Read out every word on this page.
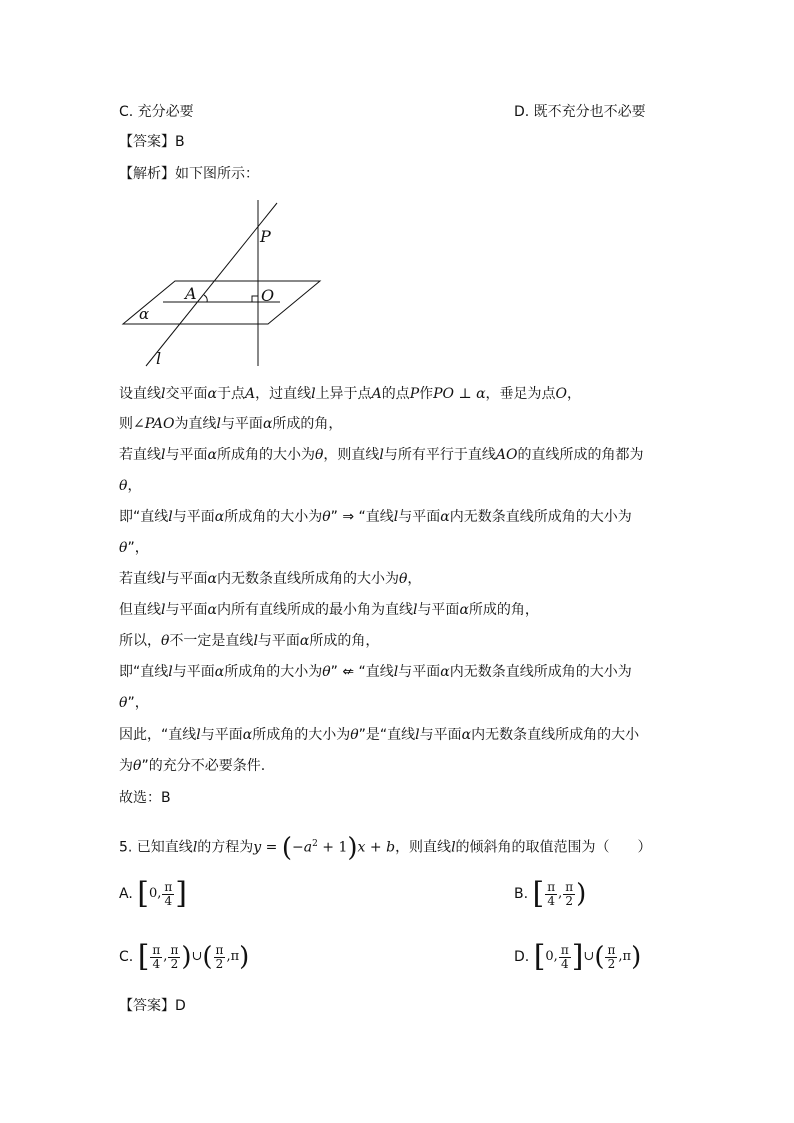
C. 充分必要	D. 既不充分也不必要
【答案】B
【解析】如下图所示：
P
A	O
α
l
设直线l交平面α于点A，过直线l上异于点A的点P作PO ⊥ α，垂足为点O，
则∠PAO为直线l与平面α所成的角，
若直线l与平面α所成角的大小为θ，则直线l与所有平行于直线AO的直线所成的角都为
θ，
即“直线l与平面α所成角的大小为θ” ⇒ “直线l与平面α内无数条直线所成角的大小为
θ”，
若直线l与平面α内无数条直线所成角的大小为θ，
但直线l与平面α内所有直线所成的最小角为直线l与平面α所成的角，
所以，θ不一定是直线l与平面α所成的角，
即“直线l与平面α所成角的大小为θ” ⇍ “直线l与平面α内无数条直线所成角的大小为
θ”，
因此，“直线l与平面α所成角的大小为θ”是“直线l与平面α内无数条直线所成角的大小
为θ”的充分不必要条件.
故选：B
5. 已知直线l的方程为$y = (-a^2 + 1)x + b$，则直线l的倾斜角的取值范围为（　　）
A. [ 0, $\frac{\pi}{4}$ ]	B. [ $\frac{\pi}{4}$ , $\frac{\pi}{2}$ )
C. [ $\frac{\pi}{4}$ , $\frac{\pi}{2}$ ) ∪ ( $\frac{\pi}{2} ,\pi$ )	D. [ 0, $\frac{\pi}{4}$ ] ∪ ( $\frac{\pi}{2} ,\pi$ )
【答案】D
